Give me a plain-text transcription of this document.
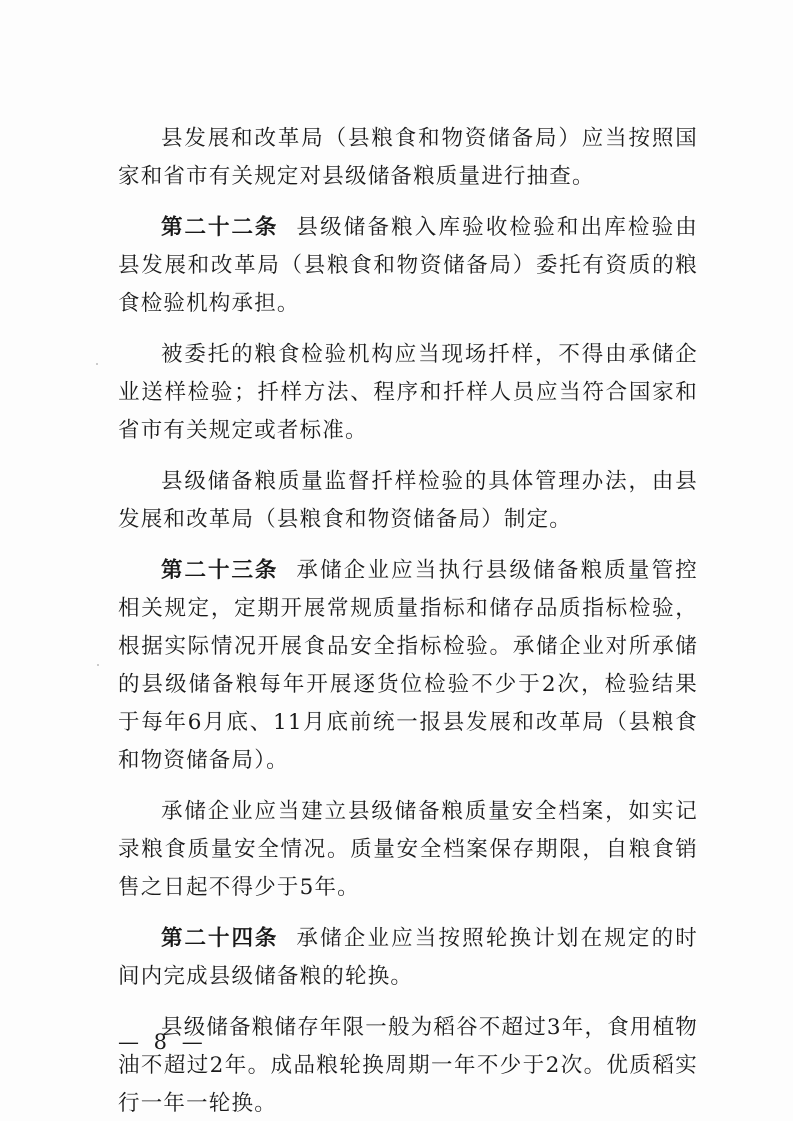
县发展和改革局（县粮食和物资储备局）应当按照国家和省市有关规定对县级储备粮质量进行抽查。

第二十二条 县级储备粮入库验收检验和出库检验由县发展和改革局（县粮食和物资储备局）委托有资质的粮食检验机构承担。

被委托的粮食检验机构应当现场扦样，不得由承储企业送样检验；扦样方法、程序和扦样人员应当符合国家和省市有关规定或者标准。

县级储备粮质量监督扦样检验的具体管理办法，由县发展和改革局（县粮食和物资储备局）制定。

第二十三条 承储企业应当执行县级储备粮质量管控相关规定，定期开展常规质量指标和储存品质指标检验，根据实际情况开展食品安全指标检验。承储企业对所承储的县级储备粮每年开展逐货位检验不少于2次，检验结果于每年6月底、11月底前统一报县发展和改革局（县粮食和物资储备局）。

承储企业应当建立县级储备粮质量安全档案，如实记录粮食质量安全情况。质量安全档案保存期限，自粮食销售之日起不得少于5年。

第二十四条 承储企业应当按照轮换计划在规定的时间内完成县级储备粮的轮换。

县级储备粮储存年限一般为稻谷不超过3年，食用植物油不超过2年。成品粮轮换周期一年不少于2次。优质稻实行一年一轮换。

— 8 —
